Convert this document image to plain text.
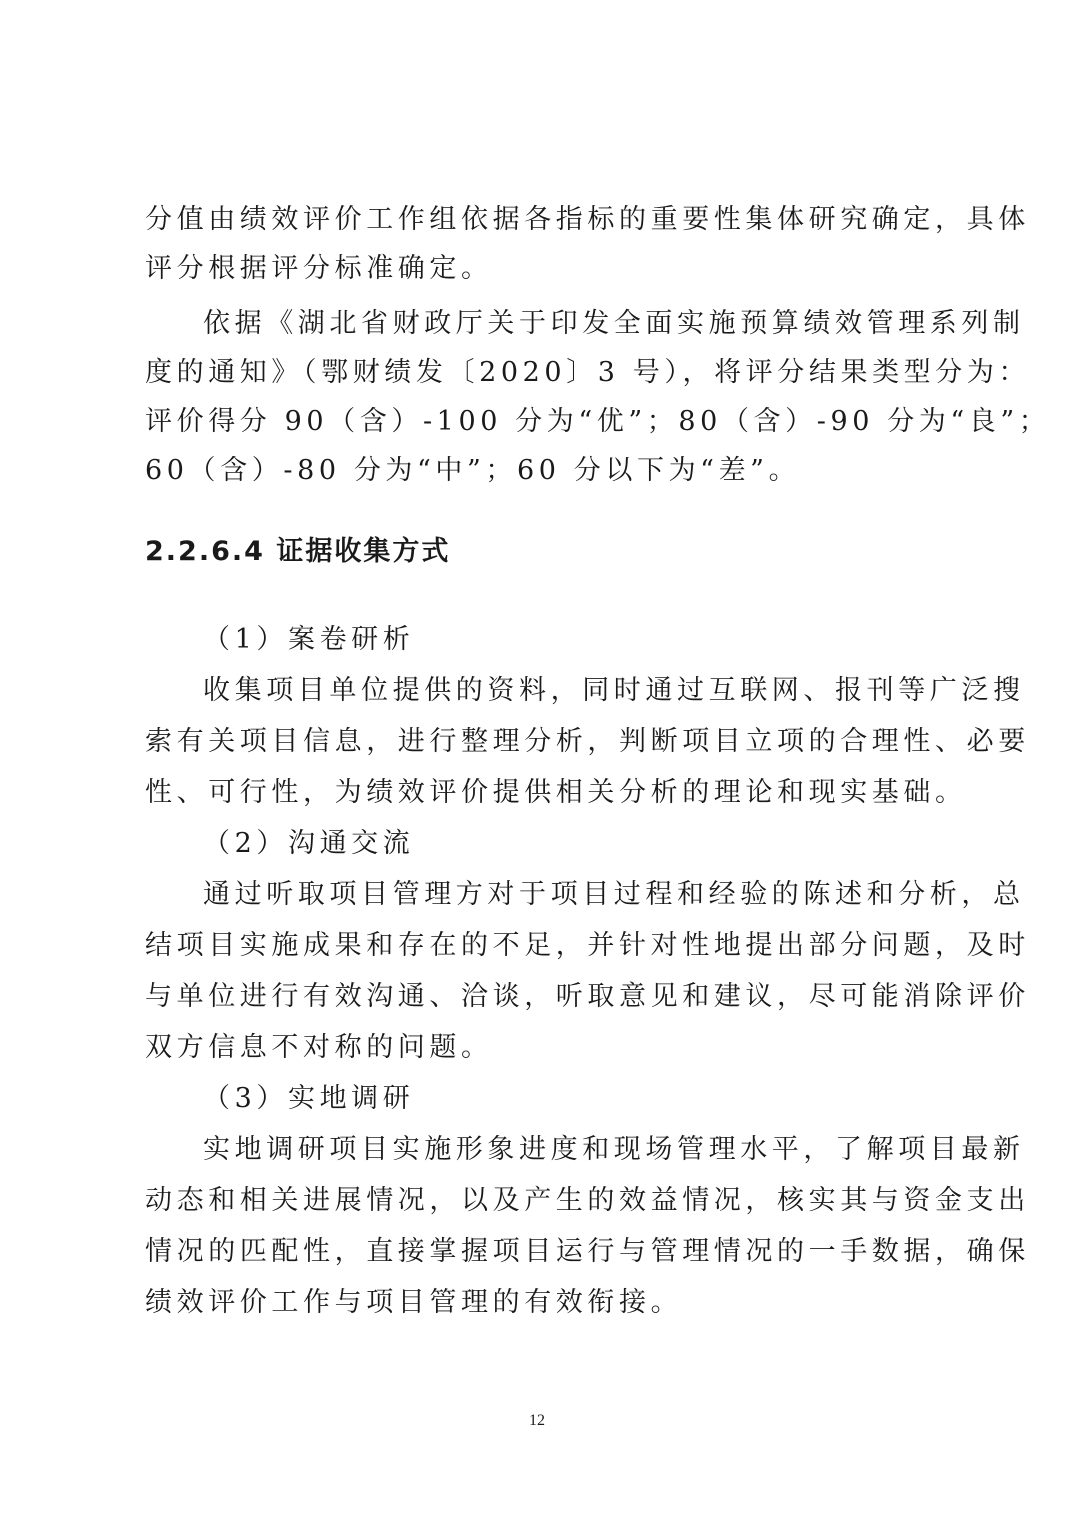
分值由绩效评价工作组依据各指标的重要性集体研究确定，具体
评分根据评分标准确定。
依据《湖北省财政厅关于印发全面实施预算绩效管理系列制
度的通知》（鄂财绩发〔2020〕3 号），将评分结果类型分为：
评价得分 90（含）-100 分为“优”；80（含）-90 分为“良”；
60（含）-80 分为“中”；60 分以下为“差”。
2.2.6.4 证据收集方式
（1）案卷研析
收集项目单位提供的资料，同时通过互联网、报刊等广泛搜
索有关项目信息，进行整理分析，判断项目立项的合理性、必要
性、可行性，为绩效评价提供相关分析的理论和现实基础。
（2）沟通交流
通过听取项目管理方对于项目过程和经验的陈述和分析，总
结项目实施成果和存在的不足，并针对性地提出部分问题，及时
与单位进行有效沟通、洽谈，听取意见和建议，尽可能消除评价
双方信息不对称的问题。
（3）实地调研
实地调研项目实施形象进度和现场管理水平，了解项目最新
动态和相关进展情况，以及产生的效益情况，核实其与资金支出
情况的匹配性，直接掌握项目运行与管理情况的一手数据，确保
绩效评价工作与项目管理的有效衔接。
12
